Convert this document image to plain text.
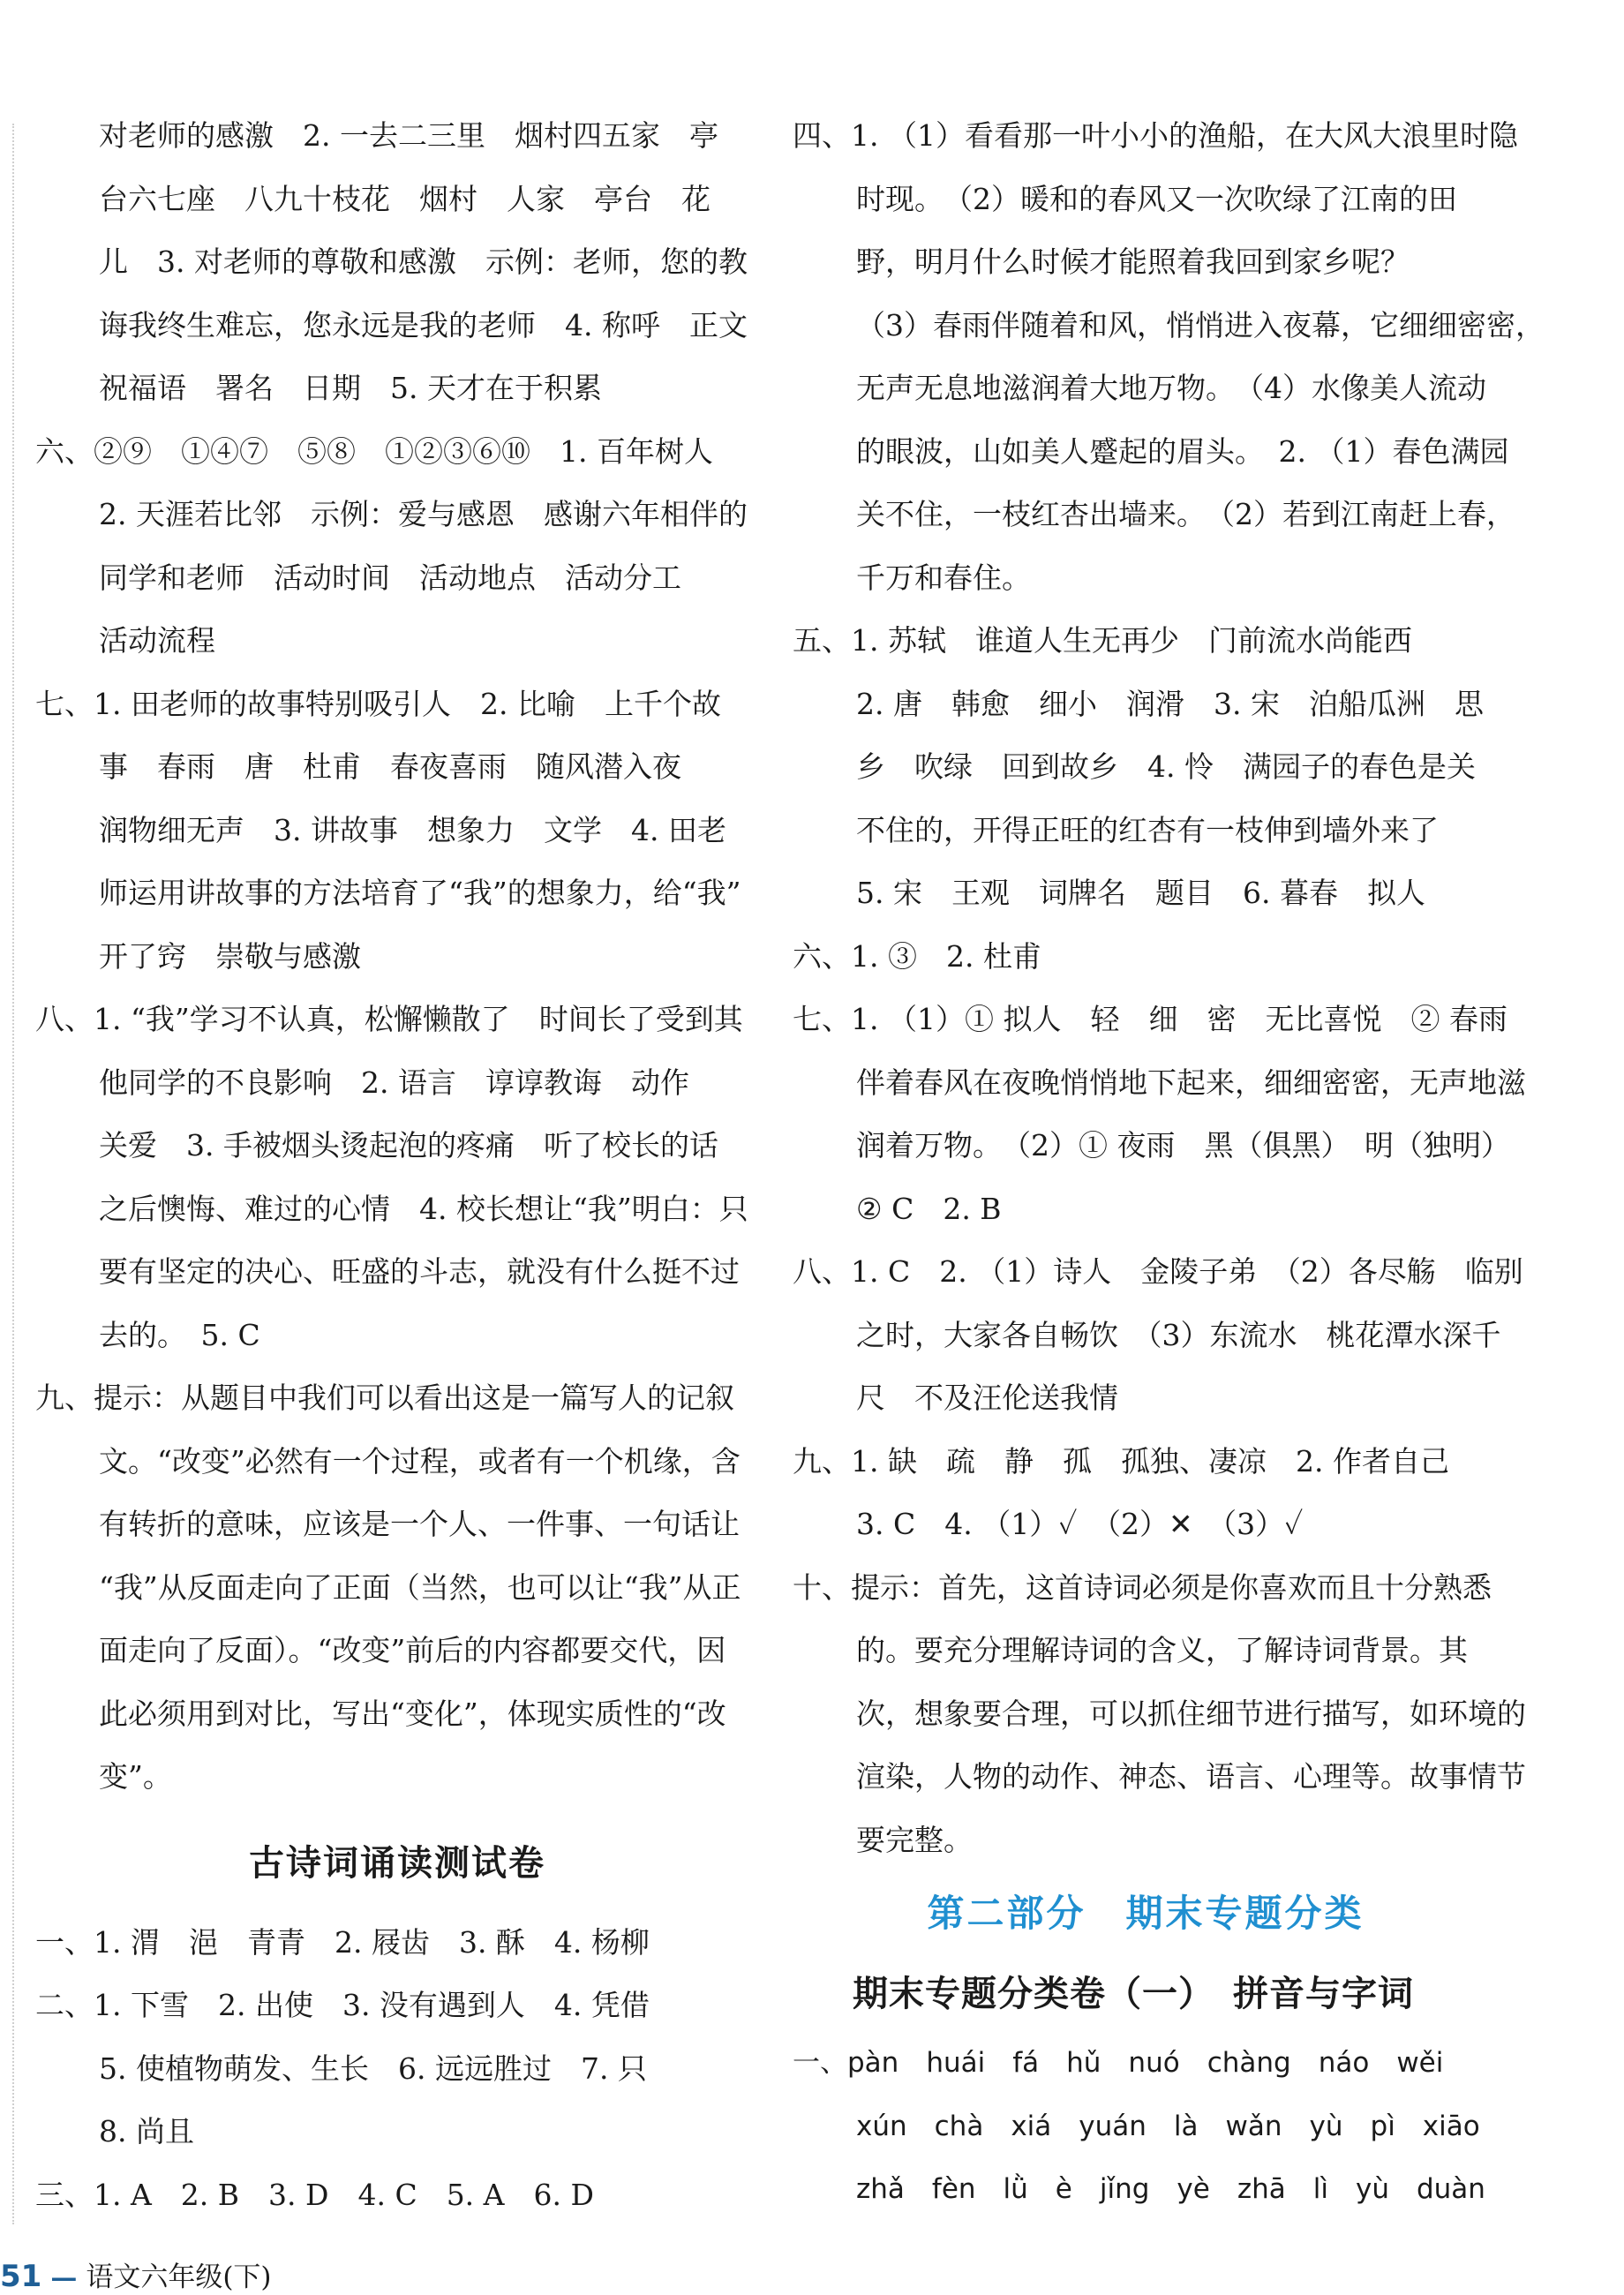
对老师的感激　2. 一去二三里　烟村四五家　亭
台六七座　八九十枝花　烟村　人家　亭台　花
儿　3. 对老师的尊敬和感激　示例：老师，您的教
诲我终生难忘，您永远是我的老师　4. 称呼　正文
祝福语　署名　日期　5. 天才在于积累
六、②⑨　①④⑦　⑤⑧　①②③⑥⑩　1. 百年树人
2. 天涯若比邻　示例：爱与感恩　感谢六年相伴的
同学和老师　活动时间　活动地点　活动分工
活动流程
七、1. 田老师的故事特别吸引人　2. 比喻　上千个故
事　春雨　唐　杜甫　春夜喜雨　随风潜入夜
润物细无声　3. 讲故事　想象力　文学　4. 田老
师运用讲故事的方法培育了“我”的想象力，给“我”
开了窍　崇敬与感激
八、1. “我”学习不认真，松懈懒散了　时间长了受到其
他同学的不良影响　2. 语言　谆谆教诲　动作
关爱　3. 手被烟头烫起泡的疼痛　听了校长的话
之后懊悔、难过的心情　4. 校长想让“我”明白：只
要有坚定的决心、旺盛的斗志，就没有什么挺不过
去的。　5. C
九、提示：从题目中我们可以看出这是一篇写人的记叙
文。“改变”必然有一个过程，或者有一个机缘，含
有转折的意味，应该是一个人、一件事、一句话让
“我”从反面走向了正面（当然，也可以让“我”从正
面走向了反面）。“改变”前后的内容都要交代，因
此必须用到对比，写出“变化”，体现实质性的“改
变”。
古诗词诵读测试卷
一、1. 渭　浥　青青　2. 屐齿　3. 酥　4. 杨柳
二、1. 下雪　2. 出使　3. 没有遇到人　4. 凭借
5. 使植物萌发、生长　6. 远远胜过　7. 只
8. 尚且
三、1. A　2. B　3. D　4. C　5. A　6. D
四、1. （1）看看那一叶小小的渔船，在大风大浪里时隐
时现。　（2）暖和的春风又一次吹绿了江南的田
野，明月什么时候才能照着我回到家乡呢？
（3）春雨伴随着和风，悄悄进入夜幕，它细细密密，
无声无息地滋润着大地万物。　（4）水像美人流动
的眼波，山如美人蹙起的眉头。　2. （1）春色满园
关不住，一枝红杏出墙来。　（2）若到江南赶上春，
千万和春住。
五、1. 苏轼　谁道人生无再少　门前流水尚能西
2. 唐　韩愈　细小　润滑　3. 宋　泊船瓜洲　思
乡　吹绿　回到故乡　4. 怜　满园子的春色是关
不住的，开得正旺的红杏有一枝伸到墙外来了
5. 宋　王观　词牌名　题目　6. 暮春　拟人
六、1. ③　2. 杜甫
七、1. （1）① 拟人　轻　细　密　无比喜悦　② 春雨
伴着春风在夜晚悄悄地下起来，细细密密，无声地滋
润着万物。　（2）① 夜雨　黑（俱黑）　明（独明）
② C　2. B
八、1. C　2. （1）诗人　金陵子弟　（2）各尽觞　临别
之时，大家各自畅饮　（3）东流水　桃花潭水深千
尺　不及汪伦送我情
九、1. 缺　疏　静　孤　孤独、凄凉　2. 作者自己
3. C　4. （1）✓　（2）✕　（3）✓
十、提示：首先，这首诗词必须是你喜欢而且十分熟悉
的。要充分理解诗词的含义，了解诗词背景。其
次，想象要合理，可以抓住细节进行描写，如环境的
渲染，人物的动作、神态、语言、心理等。故事情节
要完整。
第二部分　期末专题分类
期末专题分类卷（一）　拼音与字词
一、pàn　huái　fá　hǔ　nuó　chàng　náo　wěi
xún　chà　xiá　yuán　là　wǎn　yù　pì　xiāo
zhǎ　fèn　lǜ　è　jǐng　yè　zhā　lì　yù　duàn
51 — 语文六年级(下)
